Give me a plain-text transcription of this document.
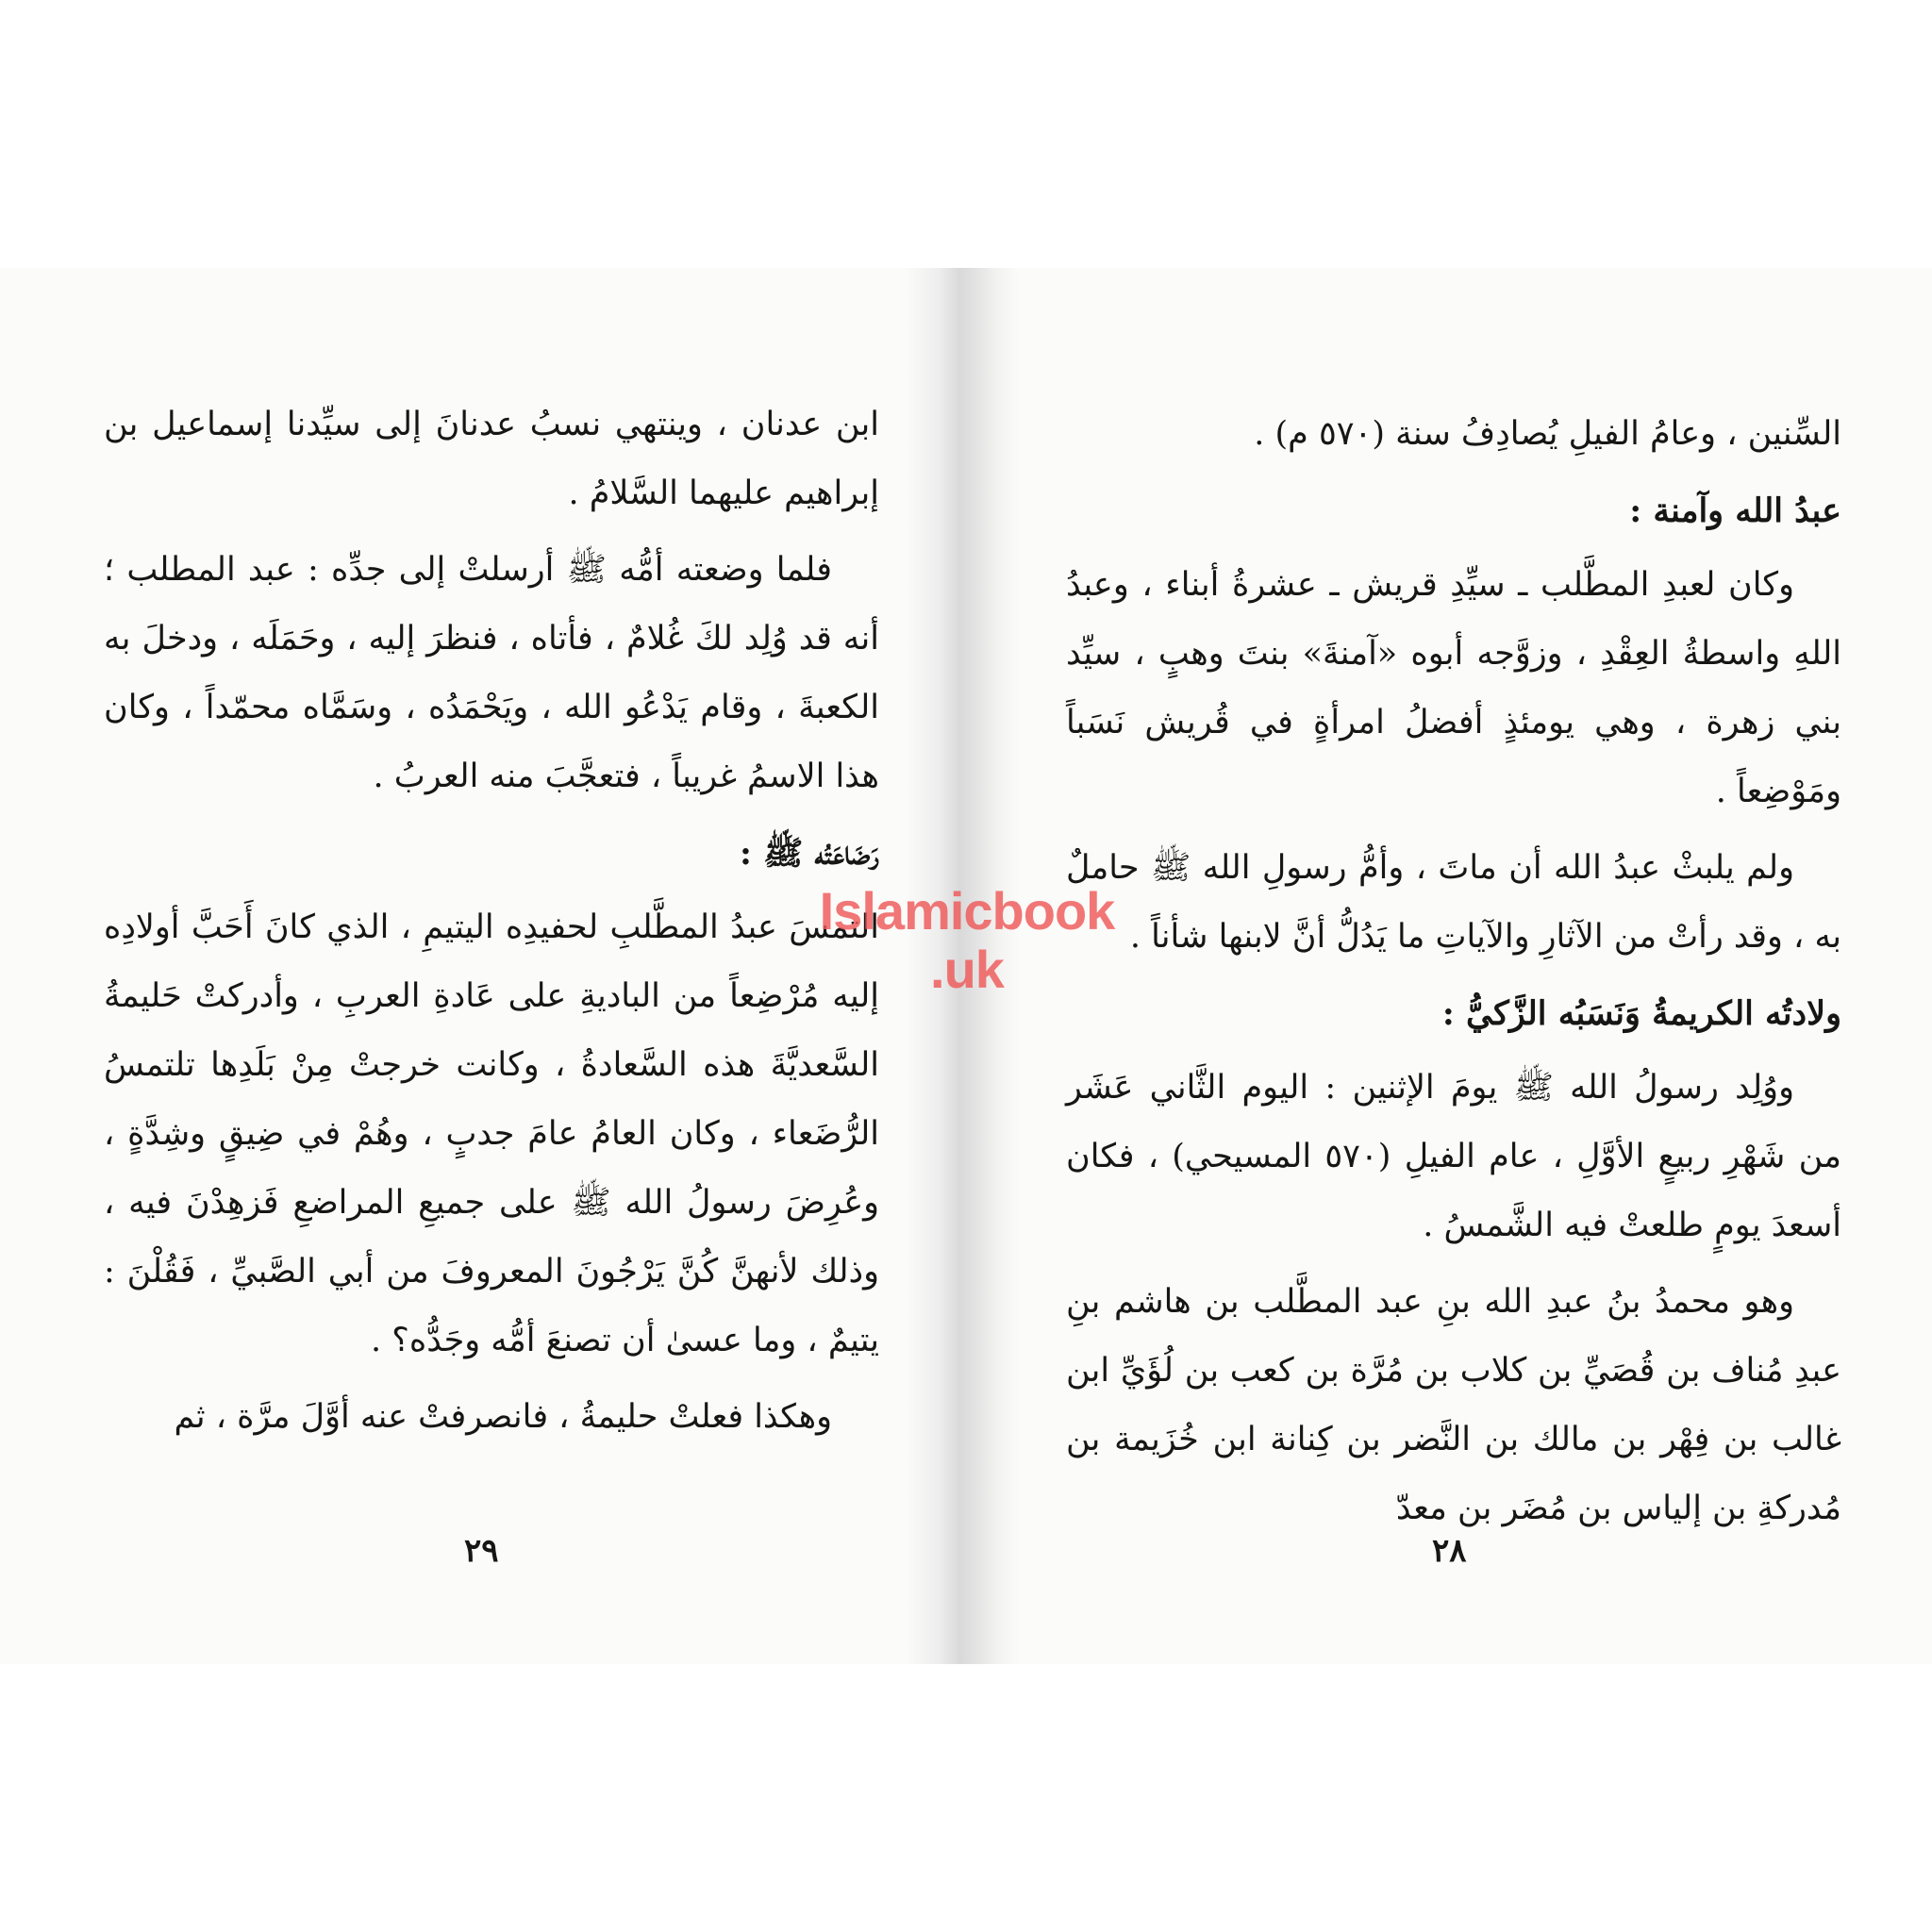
ابن عدنان ، وينتهي نسبُ عدنانَ إلى سيِّدنا إسماعيل بن إبراهيم عليهما السَّلامُ .

فلما وضعته أمُّه ﷺ أرسلتْ إلى جدِّه : عبد المطلب ؛ أنه قد وُلِد لكَ غُلامٌ ، فأتاه ، فنظرَ إليه ، وحَمَلَه ، ودخلَ به الكعبةَ ، وقام يَدْعُو الله ، ويَحْمَدُه ، وسَمَّاه محمّداً ، وكان هذا الاسمُ غريباً ، فتعجَّبَ منه العربُ .

رَضَاعَتُه ﷺ :

التمسَ عبدُ المطَّلبِ لحفيدِه اليتيمِ ، الذي كانَ أَحَبَّ أولادِه إليه مُرْضِعاً من الباديةِ على عَادةِ العربِ ، وأدركتْ حَليمةُ السَّعديَّةَ هذه السَّعادةُ ، وكانت خرجتْ مِنْ بَلَدِها تلتمسُ الرُّضَعاء ، وكان العامُ عامَ جدبٍ ، وهُمْ في ضِيقٍ وشِدَّةٍ ، وعُرِضَ رسولُ الله ﷺ على جميعِ المراضعِ فَزهِدْنَ فيه ، وذلك لأنهنَّ كُنَّ يَرْجُونَ المعروفَ من أبي الصَّبيِّ ، فَقُلْنَ : يتيمٌ ، وما عسىٰ أن تصنعَ أمُّه وجَدُّه؟ .

وهكذا فعلتْ حليمةُ ، فانصرفتْ عنه أوَّلَ مرَّة ، ثم

٢٩	٢٨

السِّنين ، وعامُ الفيلِ يُصادِفُ سنة (٥٧٠ م) .

عبدُ الله وآمنة :

وكان لعبدِ المطَّلب ـ سيِّدِ قريش ـ عشرةُ أبناء ، وعبدُ اللهِ واسطةُ العِقْدِ ، وزوَّجه أبوه «آمنةَ» بنتَ وهبٍ ، سيِّد بني زهرة ، وهي يومئذٍ أفضلُ امرأةٍ في قُريش نَسَباً ومَوْضِعاً .

ولم يلبثْ عبدُ الله أن ماتَ ، وأمُّ رسولِ الله ﷺ حاملٌ به ، وقد رأتْ من الآثارِ والآياتِ ما يَدُلُّ أنَّ لابنها شأناً .

ولادتُه الكريمةُ وَنَسَبُه الزَّكيُّ :

ووُلِد رسولُ الله ﷺ يومَ الإثنين : اليوم الثَّاني عَشَر من شَهْرِ ربيعٍ الأوَّلِ ، عام الفيلِ (٥٧٠ المسيحي) ، فكان أسعدَ يومٍ طلعتْ فيه الشَّمسُ .

وهو محمدُ بنُ عبدِ الله بنِ عبد المطَّلب بن هاشم بنِ عبدِ مُناف بن قُصَيِّ بن كلاب بن مُرَّة بن كعب بن لُؤَيِّ ابن غالب بن فِهْر بن مالك بن النَّضر بن كِنانة ابن خُزَيمة بن مُدركةِ بن إلياس بن مُضَر بن معدّ

Islamicbook
.uk
